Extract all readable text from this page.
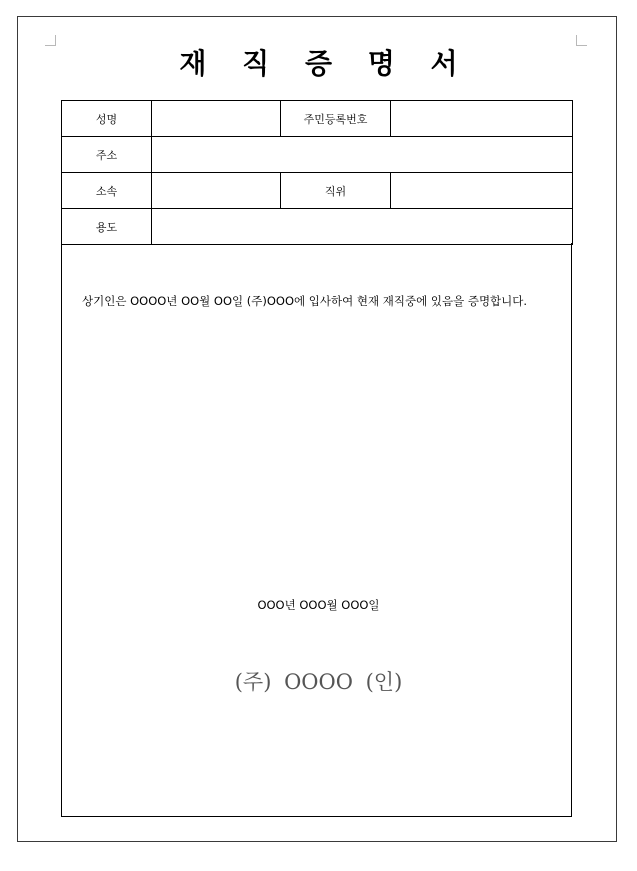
재 직 증 명 서
성명		주민등록번호	
주소			
소속		직위	
용도			
상기인은 OOOO년 OO월 OO일 (주)OOO에 입사하여 현재 재직중에 있음을 증명합니다.
OOO년 OOO월 OOO일
(주) OOOO (인)
